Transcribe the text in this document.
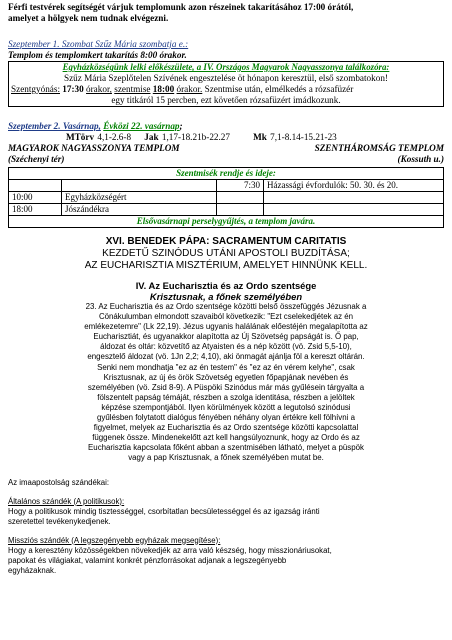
Férfi testvérek segítségét várjuk templomunk azon részeinek takarításához 17:00 órától,
amelyet a hölgyek nem tudnak elvégezni.
Szeptember 1. Szombat Szűz Mária szombatja e.:
Templom és templomkert takarítás 8:00 órakor.
Egyházközségünk lelki előkészülete, a IV. Országos Magyarok Nagyasszonya találkozóra:
Szűz Mária Szeplőtelen Szívének engesztelése öt hónapon keresztül, első szombatokon!
Szentgyónás: 17:30 órakor, szentmise 18:00 órakor. Szentmise után, elmélkedés a rózsafüzér
egy titkáról 15 percben, ezt követően rózsafüzért imádkozunk.
Szeptember 2. Vasárnap, Évközi 22. vasárnap;
MTörv 4,1-2.6-8 Jak 1,17-18.21b-22.27	Mk 7,1-8.14-15.21-23
MAGYAROK NAGYASSZONYA TEMPLOM	SZENTHÁROMSÁG TEMPLOM
(Széchenyi tér)	(Kossuth u.)
Szentmisék rendje és ideje:			
		7:30	Házassági évfordulók: 50. 30. és 20.
10:00	Egyházközségért		
18:00	Jószándékra		
Elsővasárnapi perselygyűjtés, a templom javára.			
XVI. BENEDEK PÁPA: SACRAMENTUM CARITATIS
KEZDETŰ SZINÓDUS UTÁNI APOSTOLI BUZDÍTÁSA;
AZ EUCHARISZTIA MISZTÉRIUM, AMELYET HINNÜNK KELL.
IV. Az Eucharisztia és az Ordo szentsége
Krisztusnak, a főnek személyében
23. Az Eucharisztia és az Ordo szentsége közötti belső összefüggés Jézusnak a
Cönákulumban elmondott szavaiból következik: "Ezt cselekedjétek az én
emlékezetemre" (Lk 22,19). Jézus ugyanis halálának előestéjén megalapította az
Eucharisztiát, és ugyanakkor alapította az Új Szövetség papságát is. Ő pap,
áldozat és oltár: közvetítő az Atyaisten és a nép között (vö. Zsid 5,5-10),
engesztelő áldozat (vö. 1Jn 2,2; 4,10), aki önmagát ajánlja föl a kereszt oltárán.
Senki nem mondhatja "ez az én testem" és "ez az én vérem kelyhe", csak
Krisztusnak, az új és örök Szövetség egyetlen főpapjának nevében és
személyében (vö. Zsid 8-9). A Püspöki Szinódus már más gyűlésein tárgyalta a
fölszentelt papság témáját, részben a szolga identitása, részben a jelöltek
képzése szempontjából. Ilyen körülmények között a legutolsó szinódusi
gyűlésben folytatott dialógus fényében néhány olyan értékre kell fölhívni a
figyelmet, melyek az Eucharisztia és az Ordo szentsége közötti kapcsolattal
függenek össze. Mindenekelőtt azt kell hangsúlyoznunk, hogy az Ordo és az
Eucharisztia kapcsolata főként abban a szentmisében látható, melyet a püspök
vagy a pap Krisztusnak, a főnek személyében mutat be.
Az imaapostolság szándékai:
Általános szándék (A politikusok):
Hogy a politikusok mindig tisztességgel, csorbítatlan becsületességgel és az igazság iránti
szeretettel tevékenykedjenek.
Missziós szándék (A legszegényebb egyházak megsegítése):
Hogy a keresztény közösségekben növekedjék az arra való készség, hogy misszionáriusokat,
papokat és világiakat, valamint konkrét pénzforrásokat adjanak a legszegényebb
egyházaknak.
